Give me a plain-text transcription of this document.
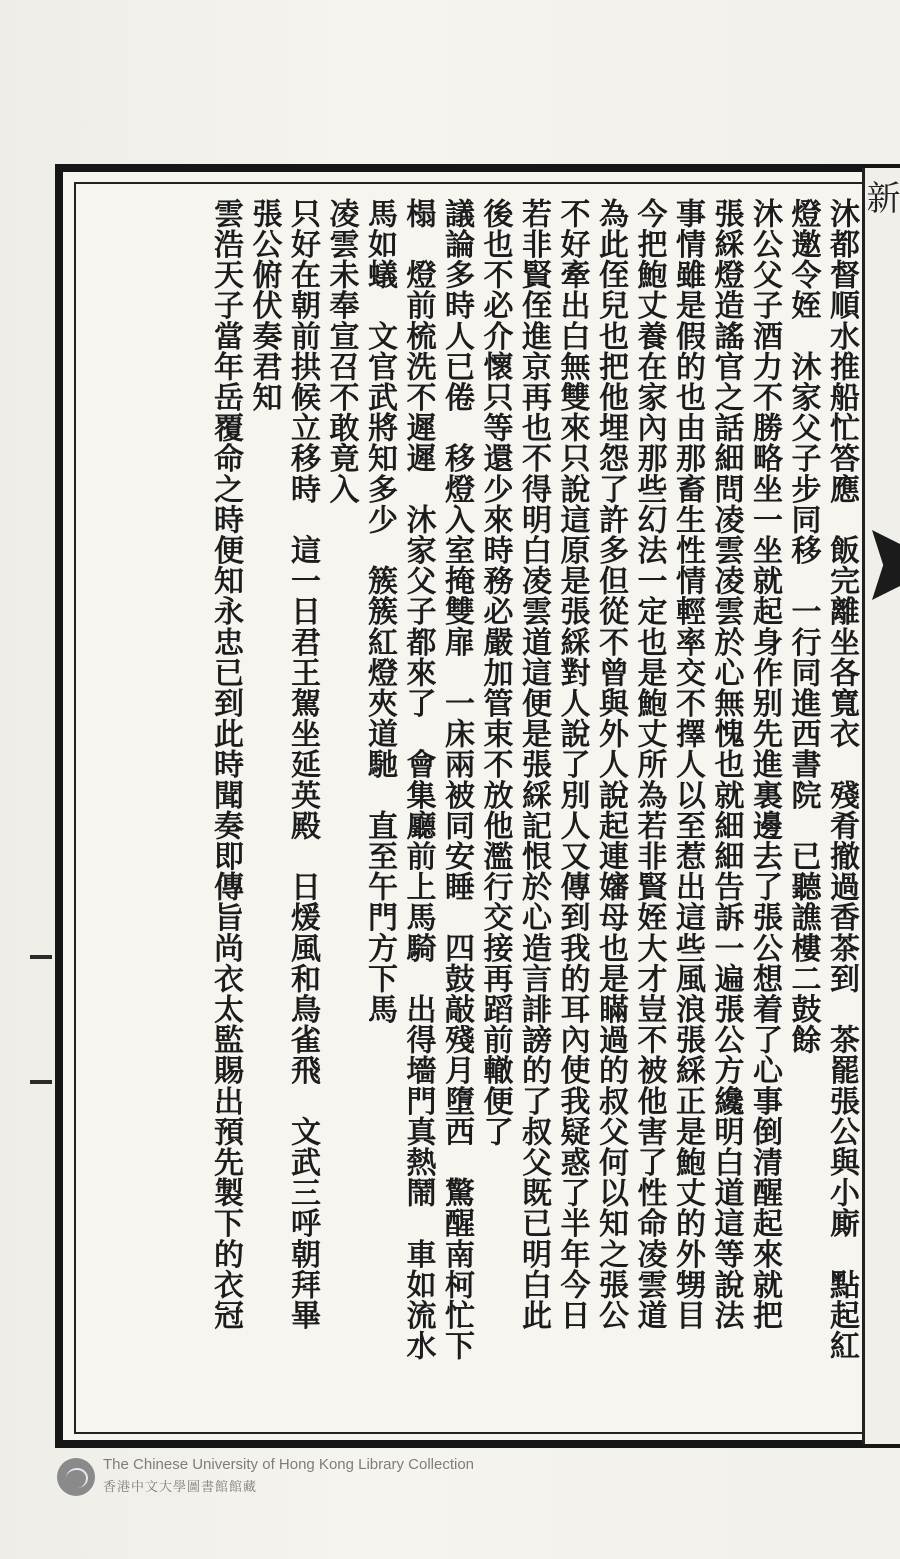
新
沐都督順水推船忙答應　飯完離坐各寬衣　殘肴撤過香茶到　茶罷張公與小廝　點起紅
燈邀令姪　沐家父子步同移　一行同進西書院　已聽譙樓二鼓餘
沐公父子酒力不勝略坐一坐就起身作别先進裏邊去了張公想着了心事倒清醒起來就把
張綵燈造謠官之話細問凌雲凌雲於心無愧也就細細告訴一遍張公方纔明白道這等說法
事情雖是假的也由那畜生性情輕率交不擇人以至惹出這些風浪張綵正是鮑丈的外甥目
今把鮑丈養在家內那些幻法一定也是鮑丈所為若非賢姪大才豈不被他害了性命凌雲道
為此侄兒也把他埋怨了許多但從不曾與外人說起連嬸母也是瞞過的叔父何以知之張公
不好牽出白無雙來只說這原是張綵對人說了別人又傳到我的耳內使我疑惑了半年今日
若非賢侄進京再也不得明白凌雲道這便是張綵記恨於心造言誹謗的了叔父既已明白此
後也不必介懷只等還少來時務必嚴加管束不放他濫行交接再蹈前轍便了
議論多時人已倦　移燈入室掩雙扉　一床兩被同安睡　四鼓敲殘月墮西　驚醒南柯忙下
榻　燈前梳洗不遲遲　沐家父子都來了　會集廳前上馬騎　出得墻門真熱鬧　車如流水
馬如蟻　文官武將知多少　簇簇紅燈夾道馳　直至午門方下馬
凌雲未奉宣召不敢竟入
只好在朝前拱候立移時　這一日君王駕坐延英殿　日煖風和鳥雀飛　文武三呼朝拜畢
張公俯伏奏君知
雲浩天子當年岳覆命之時便知永忠已到此時聞奏即傳旨尚衣太監賜出預先製下的衣冠
The Chinese University of Hong Kong Library Collection
香港中文大學圖書館館藏
